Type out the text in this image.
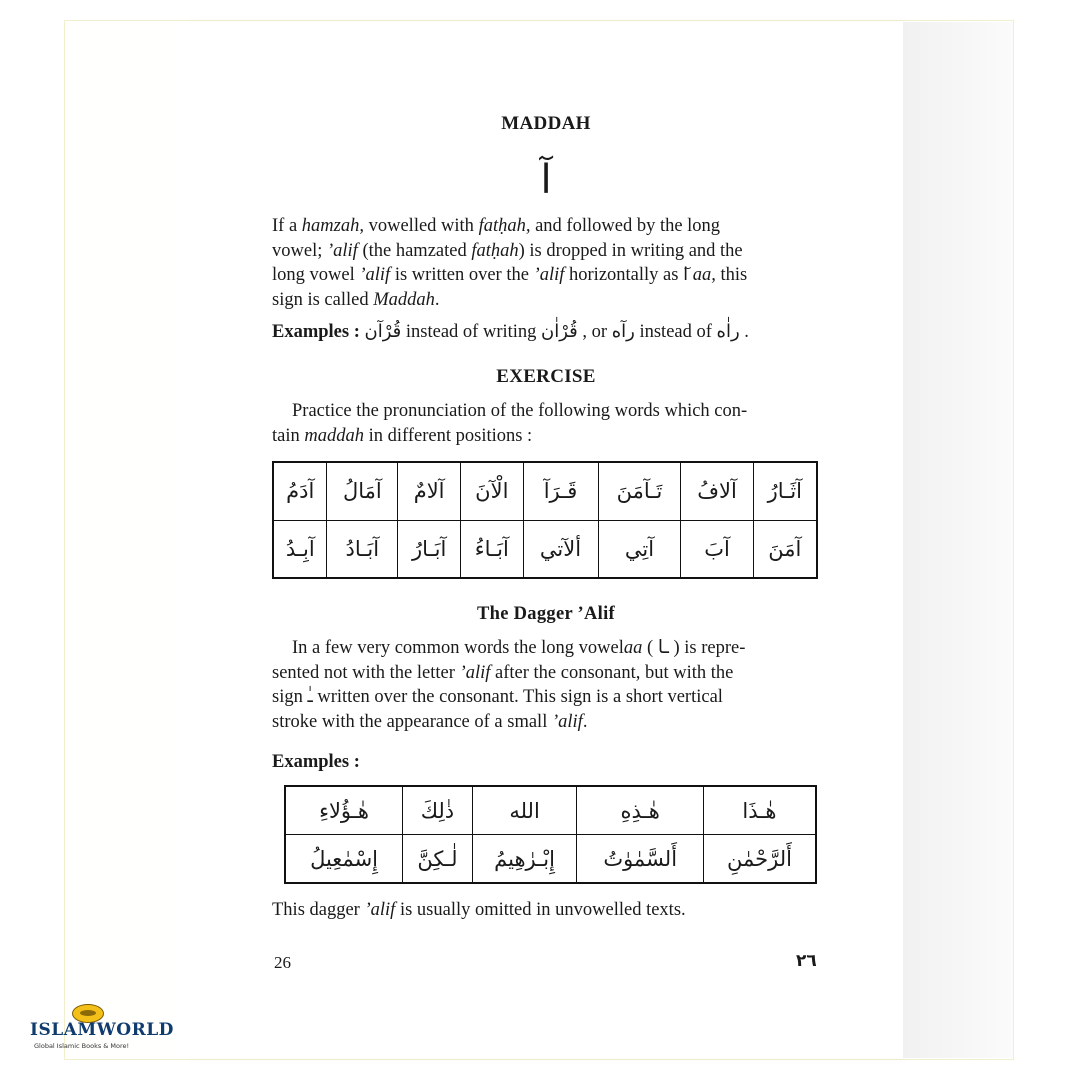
MADDAH
آ
If a hamzah, vowelled with fatḥah, and followed by the long
vowel; ’alif (the hamzated fatḥah) is dropped in writing and the
long vowel ’alif is written over the ’alif horizontally as ٓا aa, this
sign is called Maddah.
Examples : قُرْآن instead of writing قُرْاٰن , or رآه instead of راٰه .
EXERCISE
Practice the pronunciation of the following words which con-
tain maddah in different positions :
آدَمُ	آمَالُ	آلامٌ	الْآنَ	قَـرَآ	تَـآمَنَ	آلافُ	آثَـارُ
آبِـدُ	آبَـادُ	آبَـارُ	آبَـاءُ	ألآتي	آتِي	آبَ	آمَنَ
The Dagger ’Alif
In a few very common words the long vowelaa ( ـا ) is repre-
sented not with the letter ’alif after the consonant, but with the
sign ـٰ written over the consonant. This sign is a short vertical
stroke with the appearance of a small ’alif.
Examples :
هٰـؤُلاءِ	ذٰلِكَ	الله	هٰـذِهِ	هٰـذَا
إِسْمٰعِيلُ	لٰـكِنَّ	إِبْـرٰهِيمُ	أَلسَّمٰوٰتُ	أَلرَّحْمٰنِ
This dagger ’alif is usually omitted in unvowelled texts.
26	٢٦
ISLAMWORLD
Global Islamic Books & More!
